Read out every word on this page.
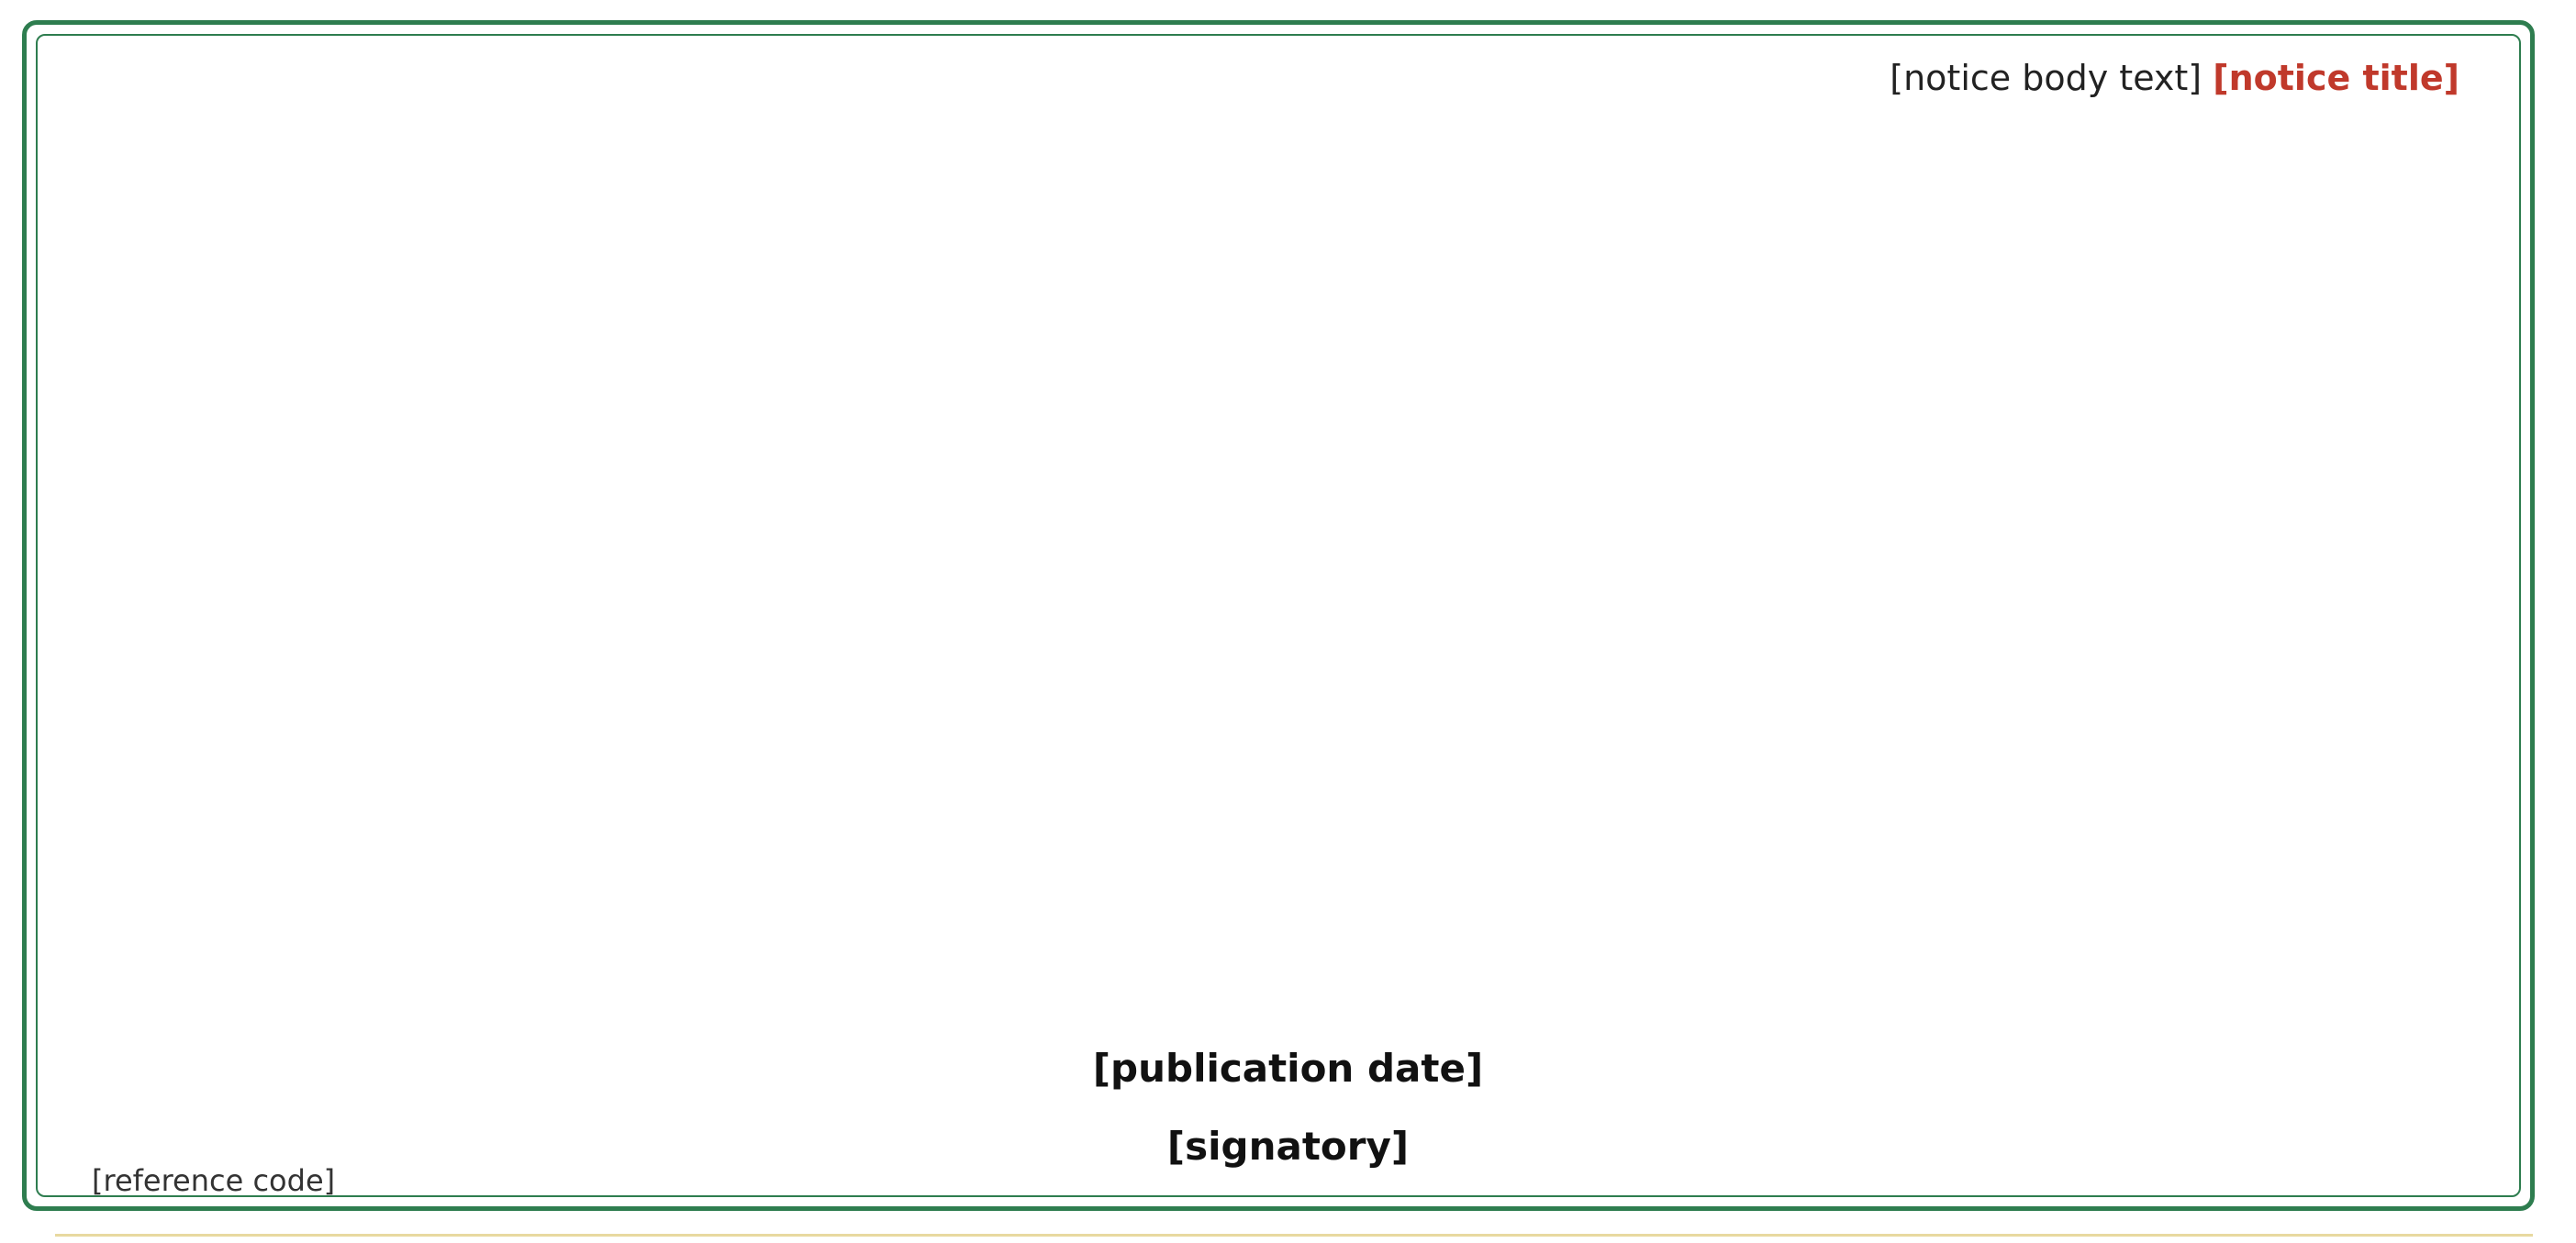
[notice title] [notice body text]
[publication date]
[signatory]
[reference code]
